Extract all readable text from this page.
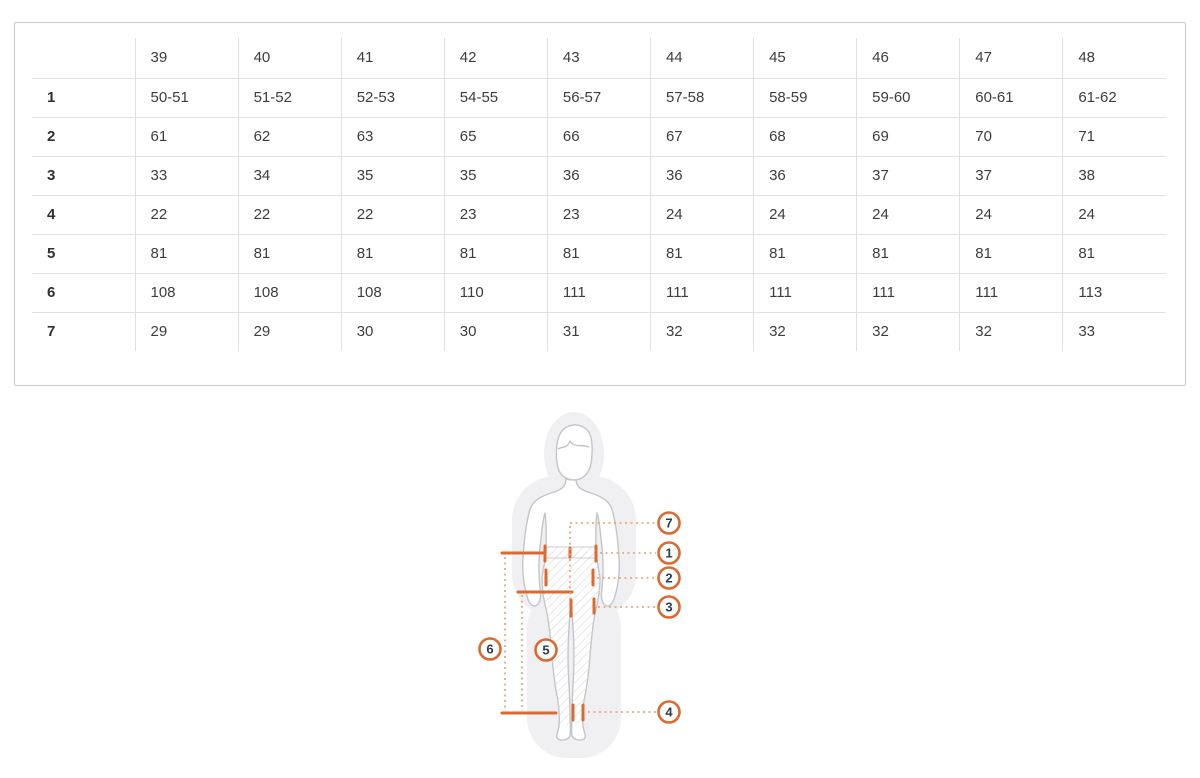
	39	40	41	42	43	44	45	46	47	48
1	50-51	51-52	52-53	54-55	56-57	57-58	58-59	59-60	60-61	61-62
2	61	62	63	65	66	67	68	69	70	71
3	33	34	35	35	36	36	36	37	37	38
4	22	22	22	23	23	24	24	24	24	24
5	81	81	81	81	81	81	81	81	81	81
6	108	108	108	110	111	111	111	111	111	113
7	29	29	30	30	31	32	32	32	32	33
7
1
2
3
4
6	5
